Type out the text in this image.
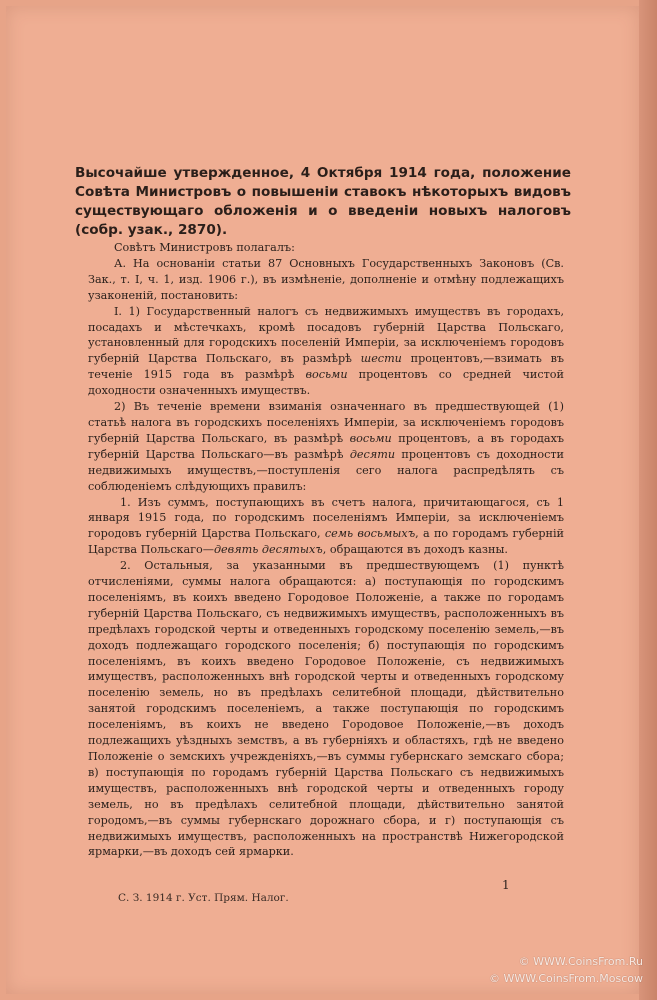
Высочайше утвержденное, 4 Октября 1914 года, положение Совѣта Министровъ о повышеніи ставокъ нѣкоторыхъ видовъ существующаго обложенія и о введеніи новыхъ налоговъ (собр. узак., 2870).

Совѣтъ Министровъ полагалъ:

А. На основаніи статьи 87 Основныхъ Государственныхъ Законовъ (Св. Зак., т. I, ч. 1, изд. 1906 г.), въ измѣненіе, дополненіе и отмѣну подлежащихъ узаконеній, постановить:

I. 1) Государственный налогъ съ недвижимыхъ имуществъ въ городахъ, посадахъ и мѣстечкахъ, кромѣ посадовъ губерній Царства Польскаго, установленный для городскихъ поселеній Имперіи, за исключеніемъ городовъ губерній Царства Польскаго, въ размѣрѣ шести процентовъ,—взимать въ теченіе 1915 года въ размѣрѣ восьми процентовъ со средней чистой доходности означенныхъ имуществъ.

2) Въ теченіе времени взиманія означеннаго въ предшествующей (1) статьѣ налога въ городскихъ поселеніяхъ Имперіи, за исключеніемъ городовъ губерній Царства Польскаго, въ размѣрѣ восьми процентовъ, а въ городахъ губерній Царства Польскаго—въ размѣрѣ десяти процентовъ съ доходности недвижимыхъ имуществъ,—поступленія сего налога распредѣлять съ соблюденіемъ слѣдующихъ правилъ:

1. Изъ суммъ, поступающихъ въ счетъ налога, причитающагося, съ 1 января 1915 года, по городскимъ поселеніямъ Имперіи, за исключеніемъ городовъ губерній Царства Польскаго, семь восьмыхъ, а по городамъ губерній Царства Польскаго—девять десятыхъ, обращаются въ доходъ казны.

2. Остальныя, за указанными въ предшествующемъ (1) пунктѣ отчисленіями, суммы налога обращаются: а) поступающія по городскимъ поселеніямъ, въ коихъ введено Городовое Положеніе, а также по городамъ губерній Царства Польскаго, съ недвижимыхъ имуществъ, расположенныхъ въ предѣлахъ городской черты и отведенныхъ городскому поселенію земель,—въ доходъ подлежащаго городского поселенія; б) поступающія по городскимъ поселеніямъ, въ коихъ введено Городовое Положеніе, съ недвижимыхъ имуществъ, расположенныхъ внѣ городской черты и отведенныхъ городскому поселенію земель, но въ предѣлахъ селитебной площади, дѣйствительно занятой городскимъ поселеніемъ, а также поступающія по городскимъ поселеніямъ, въ коихъ не введено Городовое Положеніе,—въ доходъ подлежащихъ уѣздныхъ земствъ, а въ губерніяхъ и областяхъ, гдѣ не введено Положеніе о земскихъ учрежденіяхъ,—въ суммы губернскаго земскаго сбора; в) поступающія по городамъ губерній Царства Польскаго съ недвижимыхъ имуществъ, расположенныхъ внѣ городской черты и отведенныхъ городу земель, но въ предѣлахъ селитебной площади, дѣйствительно занятой городомъ,—въ суммы губернскаго дорожнаго сбора, и г) поступающія съ недвижимыхъ имуществъ, расположенныхъ на пространствѣ Нижегородской ярмарки,—въ доходъ сей ярмарки.

С. З. 1914 г. Уст. Прям. Налог.
1
© WWW.CoinsFrom.Ru
© WWW.CoinsFrom.Moscow
